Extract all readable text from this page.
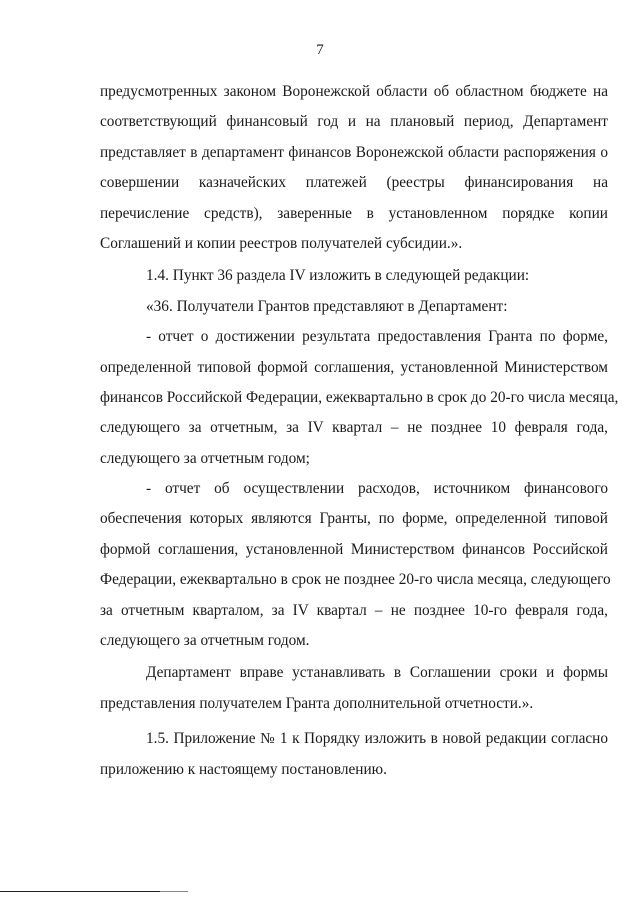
7
предусмотренных законом Воронежской области об областном бюджете на
соответствующий финансовый год и на плановый период, Департамент
представляет в департамент финансов Воронежской области распоряжения о
совершении казначейских платежей (реестры финансирования на
перечисление средств), заверенные в установленном порядке копии
Соглашений и копии реестров получателей субсидии.».
1.4. Пункт 36 раздела IV изложить в следующей редакции:
«36. Получатели Грантов представляют в Департамент:
- отчет о достижении результата предоставления Гранта по форме,
определенной типовой формой соглашения, установленной Министерством
финансов Российской Федерации, ежеквартально в срок до 20-го числа месяца,
следующего за отчетным, за IV квартал – не позднее 10 февраля года,
следующего за отчетным годом;
- отчет об осуществлении расходов, источником финансового
обеспечения которых являются Гранты, по форме, определенной типовой
формой соглашения, установленной Министерством финансов Российской
Федерации, ежеквартально в срок не позднее 20-го числа месяца, следующего
за отчетным кварталом, за IV квартал – не позднее 10-го февраля года,
следующего за отчетным годом.
Департамент вправе устанавливать в Соглашении сроки и формы
представления получателем Гранта дополнительной отчетности.».
1.5. Приложение № 1 к Порядку изложить в новой редакции согласно
приложению к настоящему постановлению.
